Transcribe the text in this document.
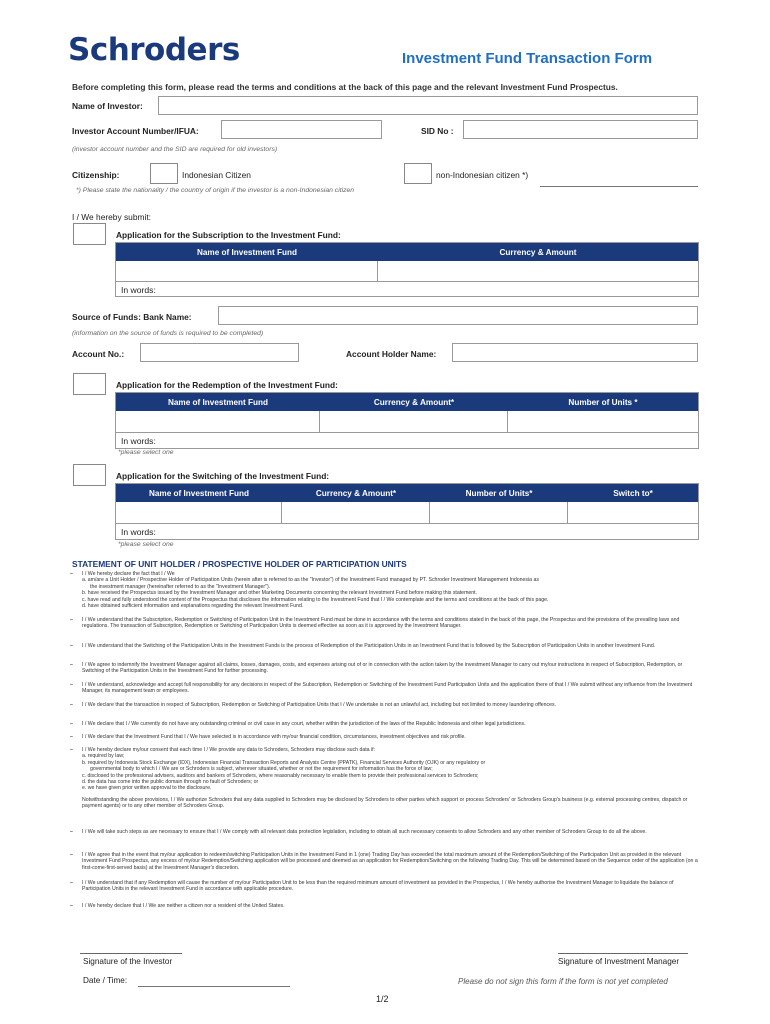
Schroders	Investment Fund Transaction Form
Before completing this form, please read the terms and conditions at the back of this page and the relevant Investment Fund Prospectus.
Name of Investor:
Investor Account Number/IFUA:	SID No :
(investor account number and the SID are required for old investors)
Citizenship:	Indonesian Citizen	non-Indonesian citizen *)
*) Please state the nationality / the country of origin if the investor is a non-Indonesian citizen
I / We hereby submit:
Application for the Subscription to the Investment Fund:
Name of Investment Fund	Currency & Amount
In words:
Source of Funds: Bank Name:
(information on the source of funds is required to be completed)
Account No.:	Account Holder Name:
Application for the Redemption of the Investment Fund:
Name of Investment Fund	Currency & Amount*	Number of Units *
In words:
*please select one
Application for the Switching of the Investment Fund:
Name of Investment Fund	Currency & Amount*	Number of Units*	Switch to*
In words:
*please select one
STATEMENT OF UNIT HOLDER / PROSPECTIVE HOLDER OF PARTICIPATION UNITS
– I / We hereby declare the fact that I / We
a. am/are a Unit Holder / Prospective Holder of Participation Units (herein after is referred to as the "Investor") of the Investment Fund managed by PT. Schroder Investment Management Indonesia as
the investment manager (hereinafter referred to as the "Investment Manager").
b. have received the Prospectus issued by the Investment Manager and other Marketing Documents concerning the relevant Investment Fund before making this statement.
c. have read and fully understood the content of the Prospectus that discloses the information relating to the Investment Fund that I / We contemplate and the terms and conditions at the back of this page.
d. have obtained sufficient information and explanations regarding the relevant Investment Fund.
– I / We understand that the Subscription, Redemption or Switching of Participation Unit in the Investment Fund must be done in accordance with the terms and conditions stated in the back of this page, the Prospectus and the provisions of the prevailing laws and regulations. The transaction of Subscription, Redemption or Switching of Participation Units is deemed effective as soon as it is approved by the Investment Manager.
– I / We understand that the Switching of the Participation Units in the Investment Funds is the process of Redemption of the Participation Units in an Investment Fund that is followed by the Subscription of Participation Units in another Investment Fund.
– I / We agree to indemnify the Investment Manager against all claims, losses, damages, costs, and expenses arising out of or in connection with the action taken by the investment Manager to carry out my/our instructions in respect of Subscription, Redemption, or Switching of the Participation Units in the Investment Fund for further processing.
– I / We understand, acknowledge and accept full responsibility for any decisions in respect of the Subscription, Redemption or Switching of the Investment Fund Participation Units and the application there of that I / We submit without any influence from the Investment Manager, its management team or employees.
– I / We declare that the transaction in respect of Subscription, Redemption or Switching of Participation Units that I / We undertake is not an unlawful act, including but not limited to money laundering offences.
– I / We declare that I / We currently do not have any outstanding criminal or civil case in any court, whether within the jurisdiction of the laws of the Republic Indonesia and other legal jurisdictions.
– I / We declare that the Investment Fund that I / We have selected is in accordance with my/our financial condition, circumstances, investment objectives and risk profile.
– I / We hereby declare my/our consent that each time I / We provide any data to Schroders, Schroders may disclose such data if:
a. required by law;
b. required by Indonesia Stock Exchange (IDX), Indonesian Financial Transaction Reports and Analysis Centre (PPATK), Financial Services Authority (OJK) or any regulatory or
governmental body to which I / We are or Schroders is subject, wherever situated, whether or not the requirement for information has the force of law;
c. disclosed to the professional advisers, auditors and bankers of Schroders, where reasonably necessary to enable them to provide their professional services to Schroders;
d. the data has come into the public domain through no fault of Schroders; or
e. we have given prior written approval to the disclosure.
Notwithstanding the above provisions, I / We authorize Schroders that any data supplied to Schroders may be disclosed by Schroders to other parties which support or process Schroders' or Schroders Group's business (e.g. external processing centres, dispatch or payment agents) or to any other member of Schroders Group.
– I / We will take such steps as are necessary to ensure that I / We comply with all relevant data protection legislation, including to obtain all such necessary consents to allow Schroders and any other member of Schroders Group to do all the above.
– I / We agree that in the event that my/our application to redeem/switching Participation Units in the Investment Fund in 1 (one) Trading Day has exceeded the total maximum amount of the Redemption/Switching of the Participation Unit as provided in the relevant Investment Fund Prospectus, any excess of my/our Redemption/Switching application will be processed and deemed as an application for Redemption/Switching on the following Trading Day. This will be determined based on the Sequence order of the application (on a first-come-first-served basis) at the Investment Manager's discretion.
– I / We understand that if any Redemption will cause the number of my/our Participation Unit to be less than the required minimum amount of investment as provided in the Prospectus, I / We hereby authorise the Investment Manager to liquidate the balance of Participation Units in the relevant Investment Fund in accordance with applicable procedure.
– I / We hereby declare that I / We are neither a citizen nor a resident of the United States.
Signature of the Investor	Signature of Investment Manager
Date / Time:	Please do not sign this form if the form is not yet completed
1/2
